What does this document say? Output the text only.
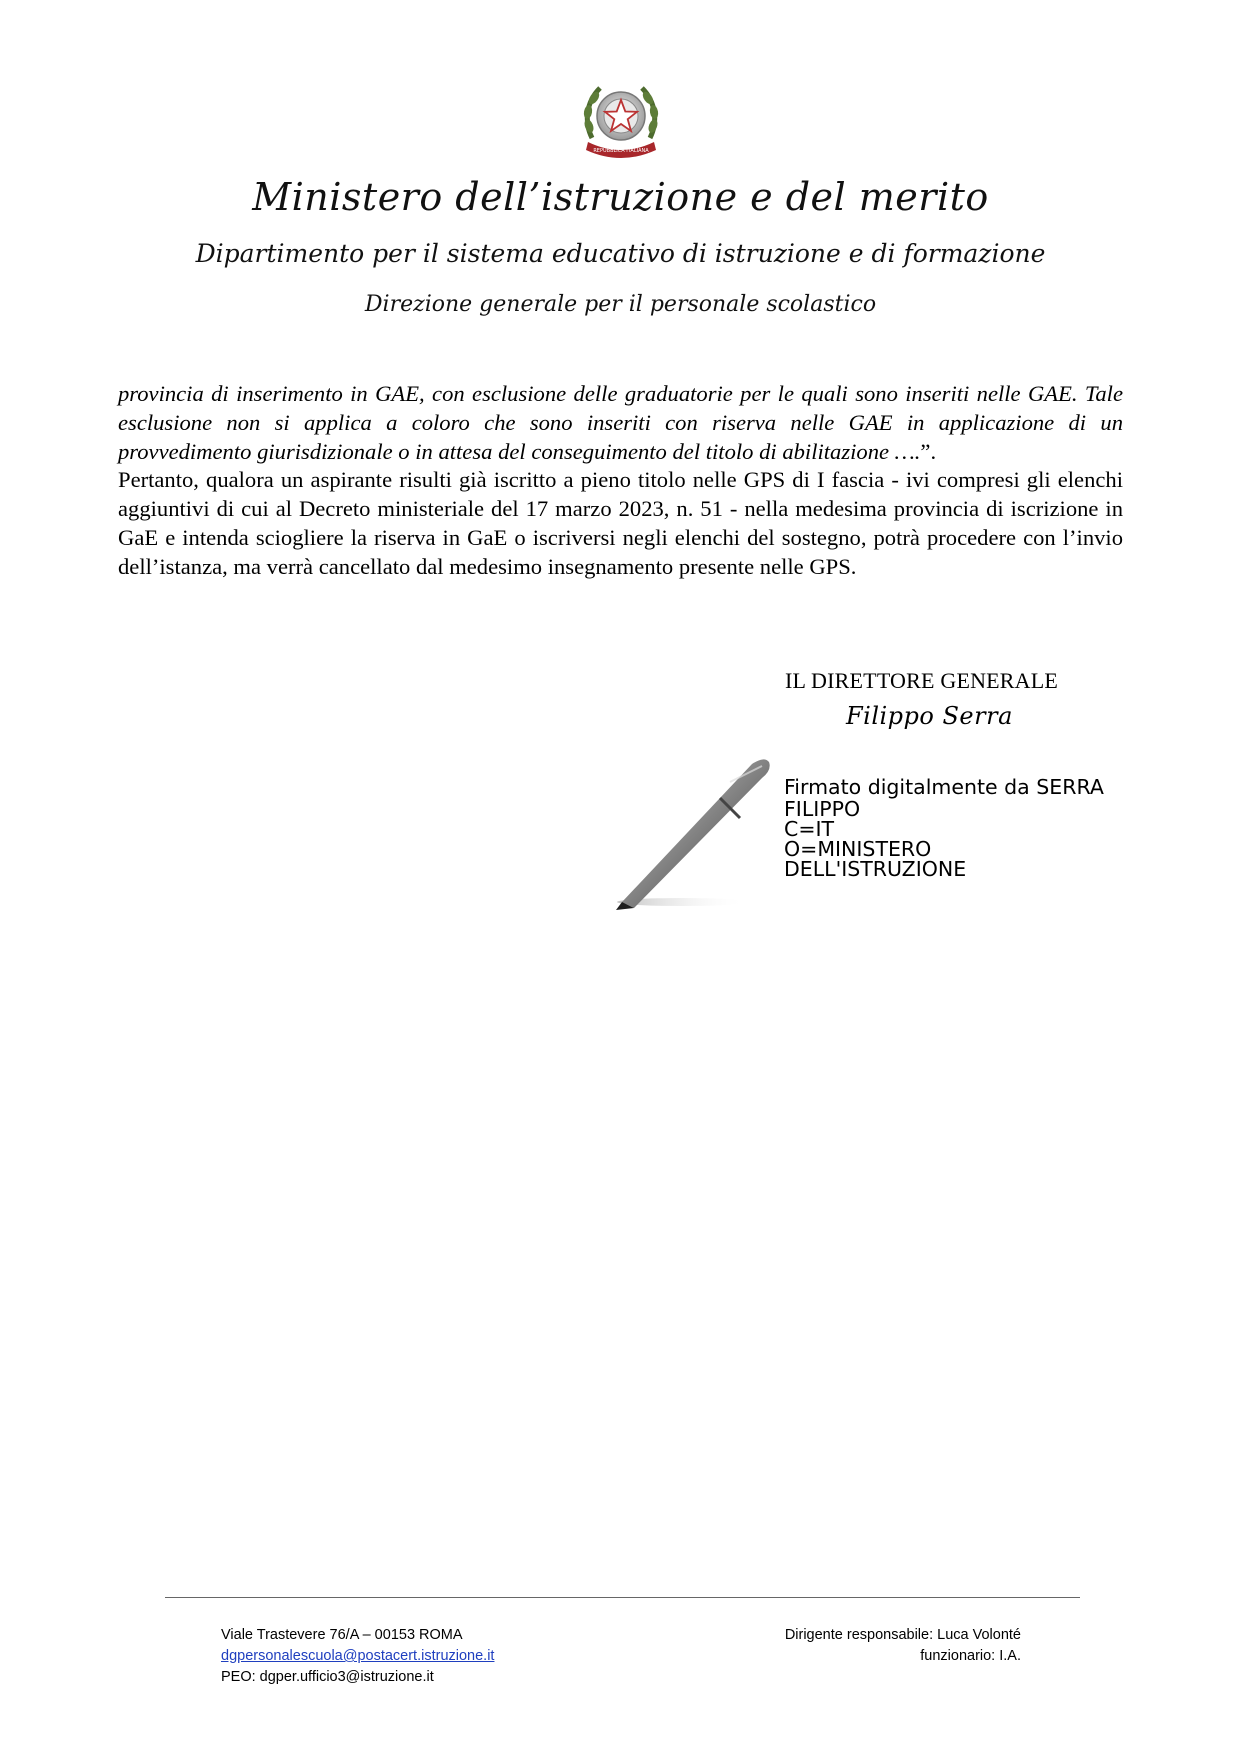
REPUBBLICA ITALIANA
Ministero dell’istruzione e del merito
Dipartimento per il sistema educativo di istruzione e di formazione
Direzione generale per il personale scolastico

provincia di inserimento in GAE, con esclusione delle graduatorie per le quali sono inseriti nelle GAE. Tale esclusione non si applica a coloro che sono inseriti con riserva nelle GAE in applicazione di un provvedimento giurisdizionale o in attesa del conseguimento del titolo di abilitazione ….”.

Pertanto, qualora un aspirante risulti già iscritto a pieno titolo nelle GPS di I fascia - ivi compresi gli elenchi aggiuntivi di cui al Decreto ministeriale del 17 marzo 2023, n. 51 - nella medesima provincia di iscrizione in GaE e intenda sciogliere la riserva in GaE o iscriversi negli elenchi del sostegno, potrà procedere con l’invio dell’istanza, ma verrà cancellato dal medesimo insegnamento presente nelle GPS.

IL DIRETTORE GENERALE
Filippo Serra
Firmato digitalmente da SERRA
FILIPPO
C=IT
O=MINISTERO
DELL'ISTRUZIONE
Viale Trastevere 76/A – 00153 ROMA
dgpersonalescuola@postacert.istruzione.it
PEO: dgper.ufficio3@istruzione.it
Dirigente responsabile: Luca Volonté
funzionario: I.A.
